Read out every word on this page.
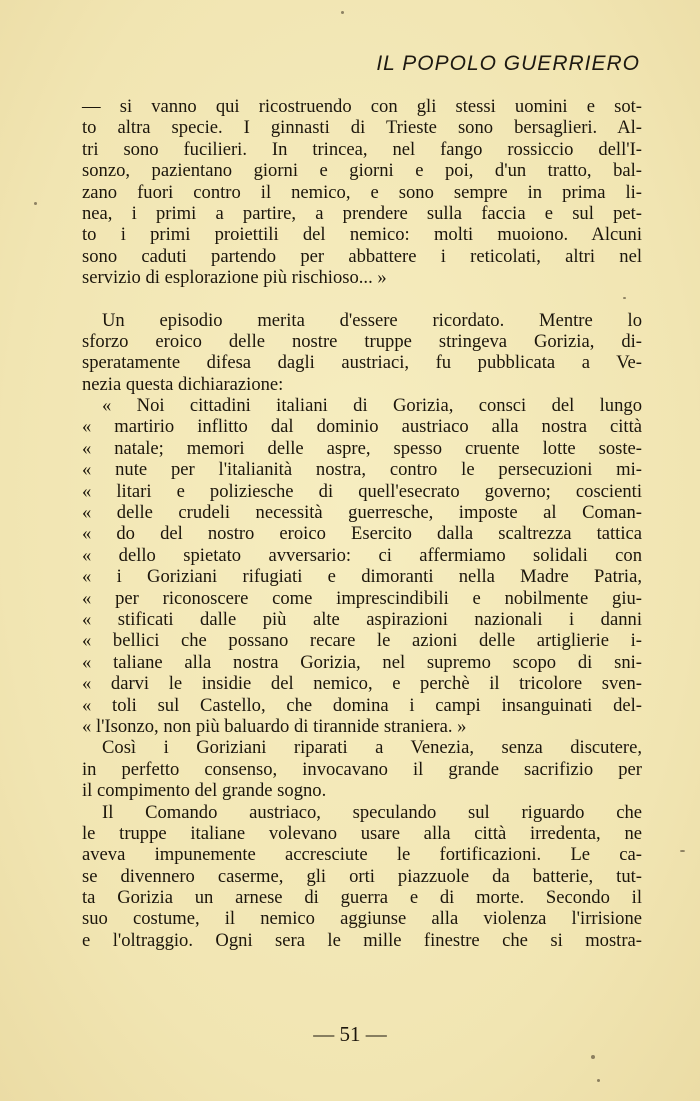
IL POPOLO GUERRIERO
— si vanno qui ricostruendo con gli stessi uomini e sot-
to altra specie. I ginnasti di Trieste sono bersaglieri. Al-
tri sono fucilieri. In trincea, nel fango rossiccio dell'I-
sonzo, pazientano giorni e giorni e poi, d'un tratto, bal-
zano fuori contro il nemico, e sono sempre in prima li-
nea, i primi a partire, a prendere sulla faccia e sul pet-
to i primi proiettili del nemico: molti muoiono. Alcuni
sono caduti partendo per abbattere i reticolati, altri nel
servizio di esplorazione più rischioso... »
Un episodio merita d'essere ricordato. Mentre lo
sforzo eroico delle nostre truppe stringeva Gorizia, di-
speratamente difesa dagli austriaci, fu pubblicata a Ve-
nezia questa dichiarazione:
« Noi cittadini italiani di Gorizia, consci del lungo
« martirio inflitto dal dominio austriaco alla nostra città
« natale; memori delle aspre, spesso cruente lotte soste-
« nute per l'italianità nostra, contro le persecuzioni mi-
« litari e poliziesche di quell'esecrato governo; coscienti
« delle crudeli necessità guerresche, imposte al Coman-
« do del nostro eroico Esercito dalla scaltrezza tattica
« dello spietato avversario: ci affermiamo solidali con
« i Goriziani rifugiati e dimoranti nella Madre Patria,
« per riconoscere come imprescindibili e nobilmente giu-
« stificati dalle più alte aspirazioni nazionali i danni
« bellici che possano recare le azioni delle artiglierie i-
« taliane alla nostra Gorizia, nel supremo scopo di sni-
« darvi le insidie del nemico, e perchè il tricolore sven-
« toli sul Castello, che domina i campi insanguinati del-
« l'Isonzo, non più baluardo di tirannide straniera. »
Così i Goriziani riparati a Venezia, senza discutere,
in perfetto consenso, invocavano il grande sacrifizio per
il compimento del grande sogno.
Il Comando austriaco, speculando sul riguardo che
le truppe italiane volevano usare alla città irredenta, ne
aveva impunemente accresciute le fortificazioni. Le ca-
se divennero caserme, gli orti piazzuole da batterie, tut-
ta Gorizia un arnese di guerra e di morte. Secondo il
suo costume, il nemico aggiunse alla violenza l'irrisione
e l'oltraggio. Ogni sera le mille finestre che si mostra-
— 51 —
